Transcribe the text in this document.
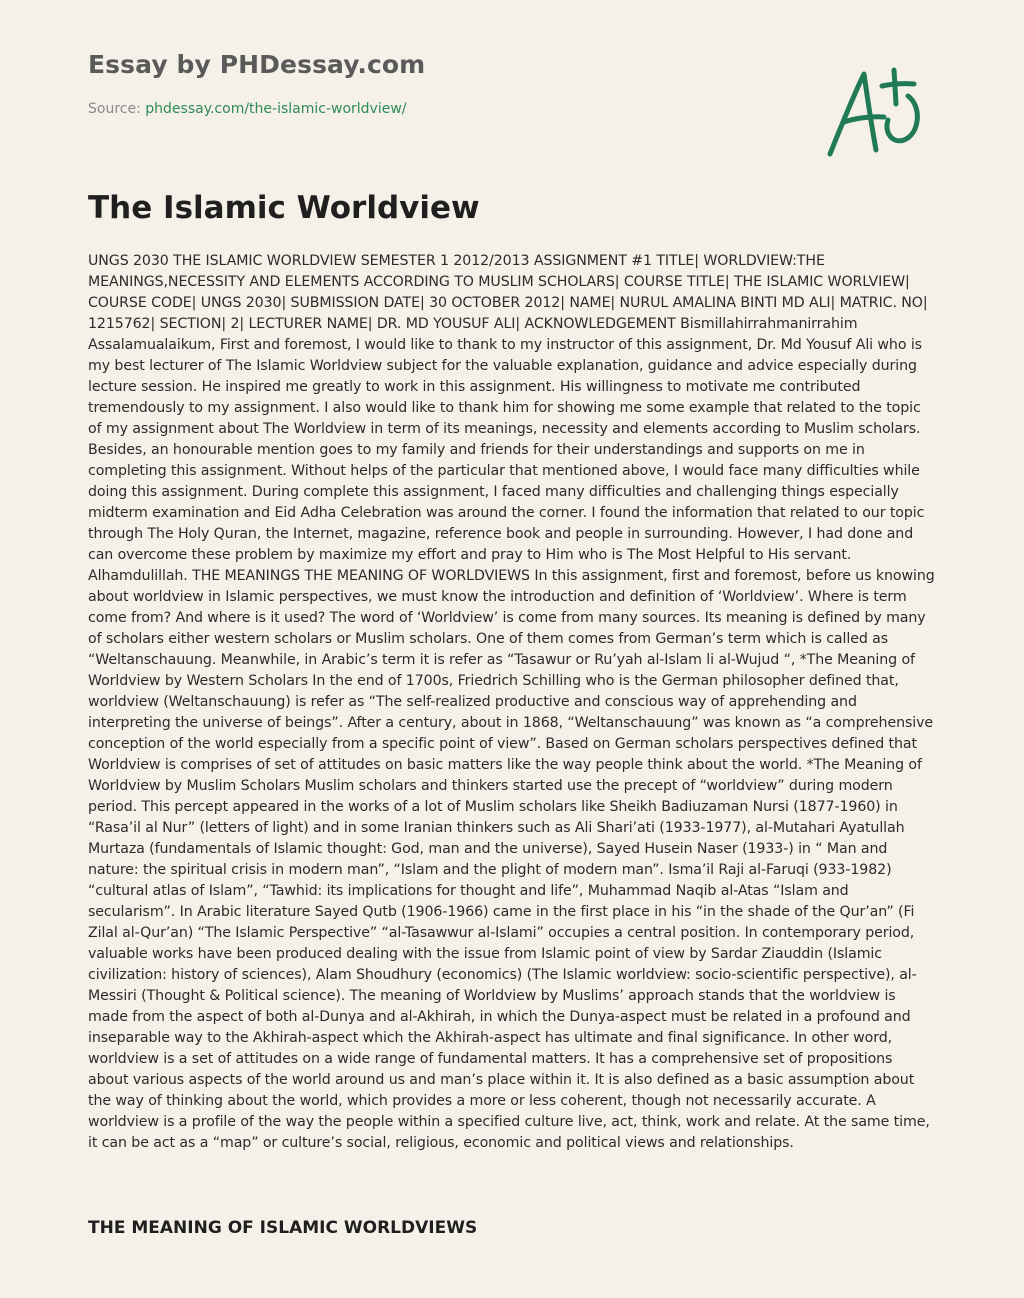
Essay by PHDessay.com
Source: phdessay.com/the-islamic-worldview/
The Islamic Worldview

UNGS 2030 THE ISLAMIC WORLDVIEW SEMESTER 1 2012/2013 ASSIGNMENT #1 TITLE| WORLDVIEW:THE MEANINGS,NECESSITY AND ELEMENTS ACCORDING TO MUSLIM SCHOLARS| COURSE TITLE| THE ISLAMIC WORLVIEW| COURSE CODE| UNGS 2030| SUBMISSION DATE| 30 OCTOBER 2012| NAME| NURUL AMALINA BINTI MD ALI| MATRIC. NO| 1215762| SECTION| 2| LECTURER NAME| DR. MD YOUSUF ALI| ACKNOWLEDGEMENT Bismillahirrahmanirrahim Assalamualaikum, First and foremost, I would like to thank to my instructor of this assignment, Dr. Md Yousuf Ali who is my best lecturer of The Islamic Worldview subject for the valuable explanation, guidance and advice especially during lecture session. He inspired me greatly to work in this assignment. His willingness to motivate me contributed tremendously to my assignment. I also would like to thank him for showing me some example that related to the topic of my assignment about The Worldview in term of its meanings, necessity and elements according to Muslim scholars. Besides, an honourable mention goes to my family and friends for their understandings and supports on me in completing this assignment. Without helps of the particular that mentioned above, I would face many difficulties while doing this assignment. During complete this assignment, I faced many difficulties and challenging things especially midterm examination and Eid Adha Celebration was around the corner. I found the information that related to our topic through The Holy Quran, the Internet, magazine, reference book and people in surrounding. However, I had done and can overcome these problem by maximize my effort and pray to Him who is The Most Helpful to His servant. Alhamdulillah. THE MEANINGS THE MEANING OF WORLDVIEWS In this assignment, first and foremost, before us knowing about worldview in Islamic perspectives, we must know the introduction and definition of ‘Worldview’. Where is term come from? And where is it used? The word of ‘Worldview’ is come from many sources. Its meaning is defined by many of scholars either western scholars or Muslim scholars. One of them comes from German’s term which is called as “Weltanschauung. Meanwhile, in Arabic’s term it is refer as “Tasawur or Ru’yah al-Islam li al-Wujud “, *The Meaning of Worldview by Western Scholars In the end of 1700s, Friedrich Schilling who is the German philosopher defined that, worldview (Weltanschauung) is refer as “The self-realized productive and conscious way of apprehending and interpreting the universe of beings”. After a century, about in 1868, “Weltanschauung” was known as “a comprehensive conception of the world especially from a specific point of view”. Based on German scholars perspectives defined that Worldview is comprises of set of attitudes on basic matters like the way people think about the world. *The Meaning of Worldview by Muslim Scholars Muslim scholars and thinkers started use the precept of “worldview” during modern period. This percept appeared in the works of a lot of Muslim scholars like Sheikh Badiuzaman Nursi (1877-1960) in “Rasa’il al Nur” (letters of light) and in some Iranian thinkers such as Ali Shari’ati (1933-1977), al-Mutahari Ayatullah Murtaza (fundamentals of Islamic thought: God, man and the universe), Sayed Husein Naser (1933-) in “ Man and nature: the spiritual crisis in modern man”, “Islam and the plight of modern man”. Isma’il Raji al-Faruqi (933-1982) “cultural atlas of Islam”, “Tawhid: its implications for thought and life”, Muhammad Naqib al-Atas “Islam and secularism”. In Arabic literature Sayed Qutb (1906-1966) came in the first place in his “in the shade of the Qur’an” (Fi Zilal al-Qur’an) “The Islamic Perspective” “al-Tasawwur al-Islami” occupies a central position. In contemporary period, valuable works have been produced dealing with the issue from Islamic point of view by Sardar Ziauddin (Islamic civilization: history of sciences), Alam Shoudhury (economics) (The Islamic worldview: socio-scientific perspective), al-Messiri (Thought & Political science). The meaning of Worldview by Muslims’ approach stands that the worldview is made from the aspect of both al-Dunya and al-Akhirah, in which the Dunya-aspect must be related in a profound and inseparable way to the Akhirah-aspect which the Akhirah-aspect has ultimate and final significance. In other word, worldview is a set of attitudes on a wide range of fundamental matters. It has a comprehensive set of propositions about various aspects of the world around us and man’s place within it. It is also defined as a basic assumption about the way of thinking about the world, which provides a more or less coherent, though not necessarily accurate. A worldview is a profile of the way the people within a specified culture live, act, think, work and relate. At the same time, it can be act as a “map” or culture’s social, religious, economic and political views and relationships.

THE MEANING OF ISLAMIC WORLDVIEWS
